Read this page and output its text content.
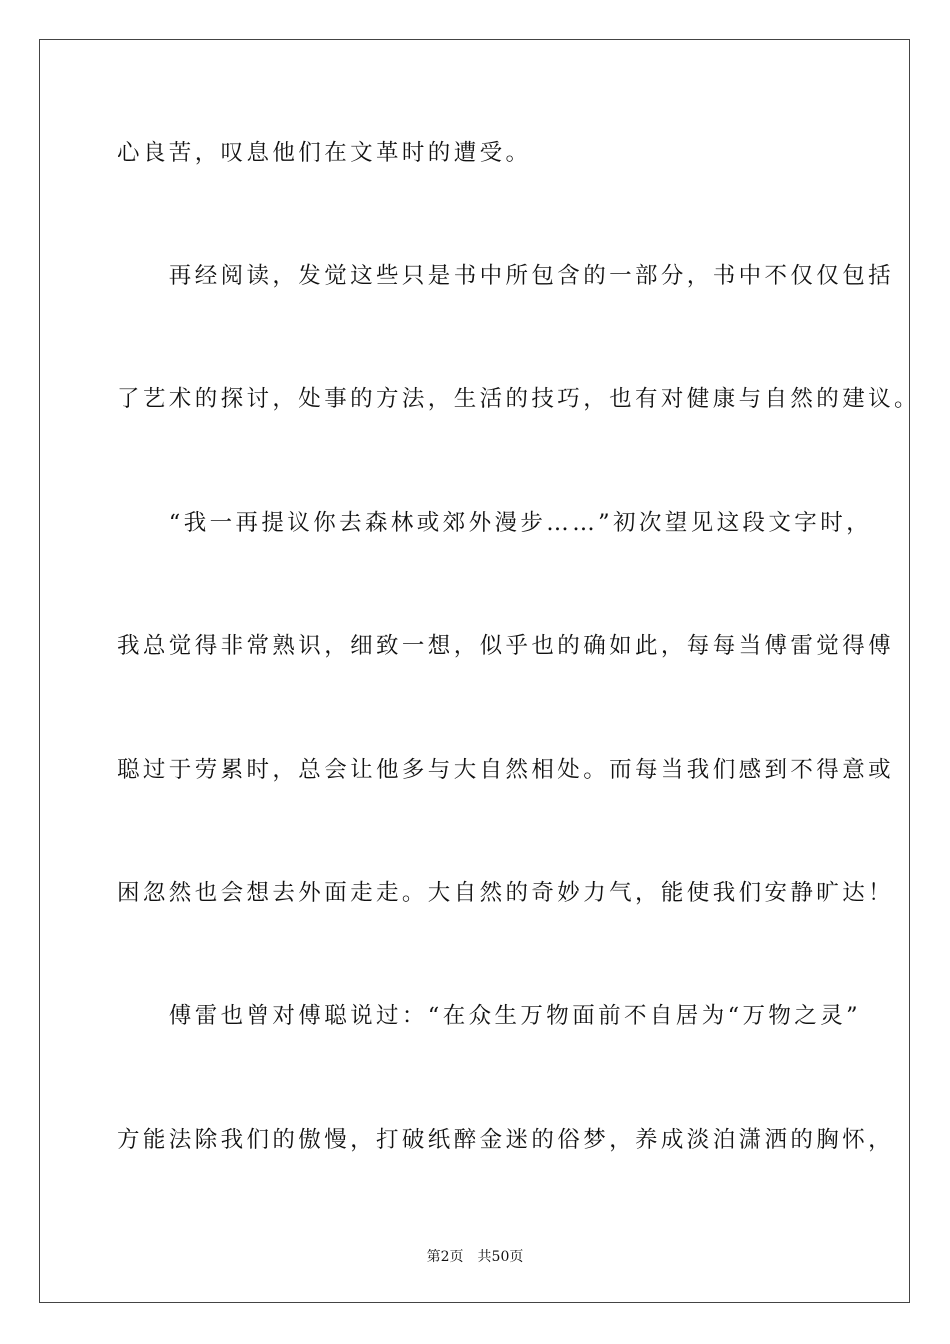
心良苦，叹息他们在文革时的遭受。
　　再经阅读，发觉这些只是书中所包含的一部分，书中不仅仅包括
了艺术的探讨，处事的方法，生活的技巧，也有对健康与自然的建议。
　　“我一再提议你去森林或郊外漫步……”初次望见这段文字时，
我总觉得非常熟识，细致一想，似乎也的确如此，每每当傅雷觉得傅
聪过于劳累时，总会让他多与大自然相处。而每当我们感到不得意或
困忽然也会想去外面走走。大自然的奇妙力气，能使我们安静旷达！
　　傅雷也曾对傅聪说过：“在众生万物面前不自居为“万物之灵”
方能法除我们的傲慢，打破纸醉金迷的俗梦，养成淡泊潇洒的胸怀，
第2页 共50页
